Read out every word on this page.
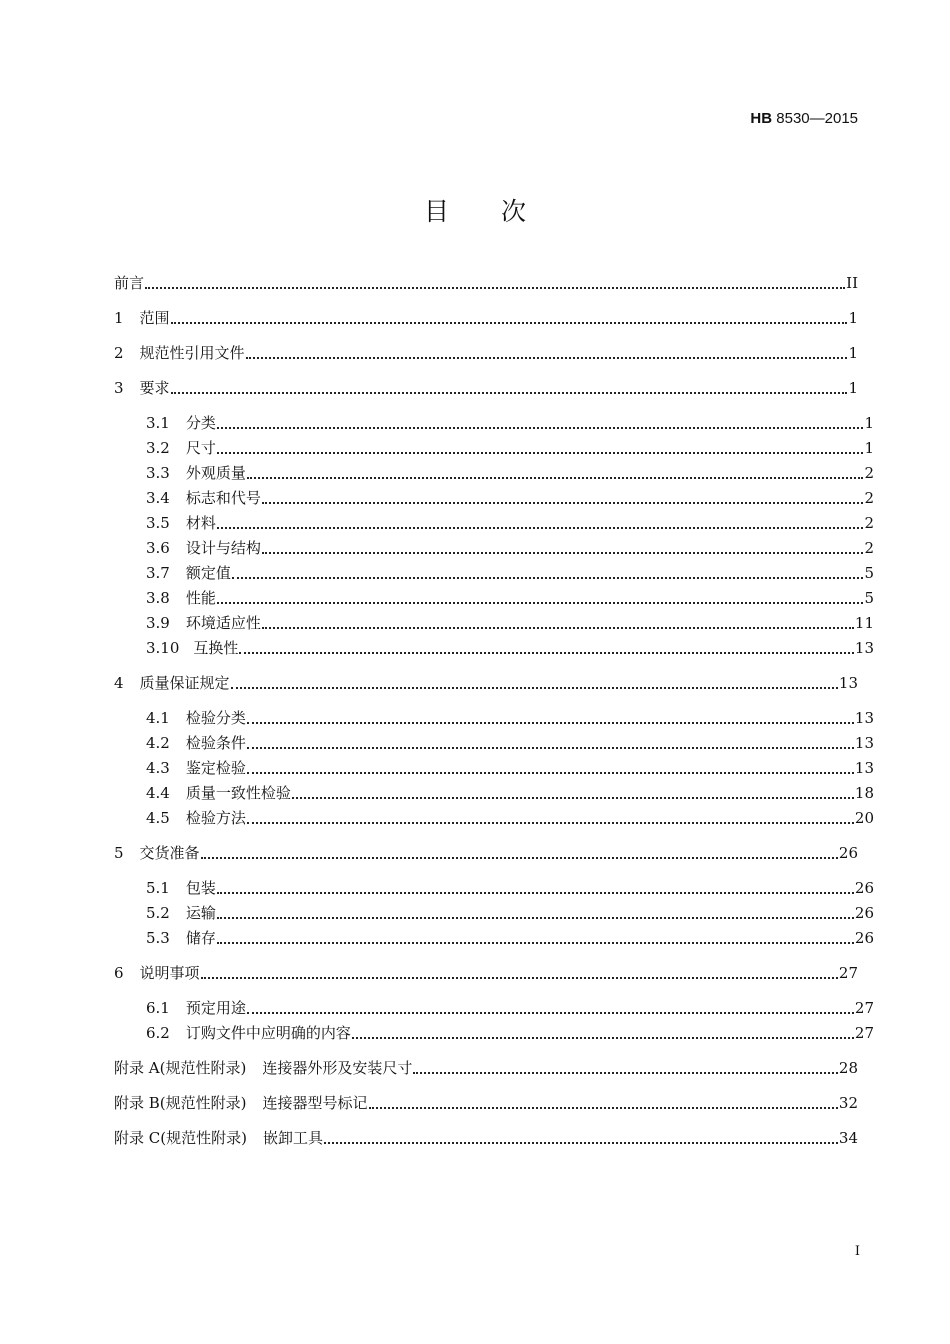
HB 8530—2015
目 次
前言	II
1 范围	1
2 规范性引用文件	1
3 要求	1
3.1 分类	1
3.2 尺寸	1
3.3 外观质量	2
3.4 标志和代号	2
3.5 材料	2
3.6 设计与结构	2
3.7 额定值	5
3.8 性能	5
3.9 环境适应性	11
3.10 互换性	13
4 质量保证规定	13
4.1 检验分类	13
4.2 检验条件	13
4.3 鉴定检验	13
4.4 质量一致性检验	18
4.5 检验方法	20
5 交货准备	26
5.1 包装	26
5.2 运输	26
5.3 储存	26
6 说明事项	27
6.1 预定用途	27
6.2 订购文件中应明确的内容	27
附录 A(规范性附录) 连接器外形及安装尺寸	28
附录 B(规范性附录) 连接器型号标记	32
附录 C(规范性附录) 嵌卸工具	34
I
